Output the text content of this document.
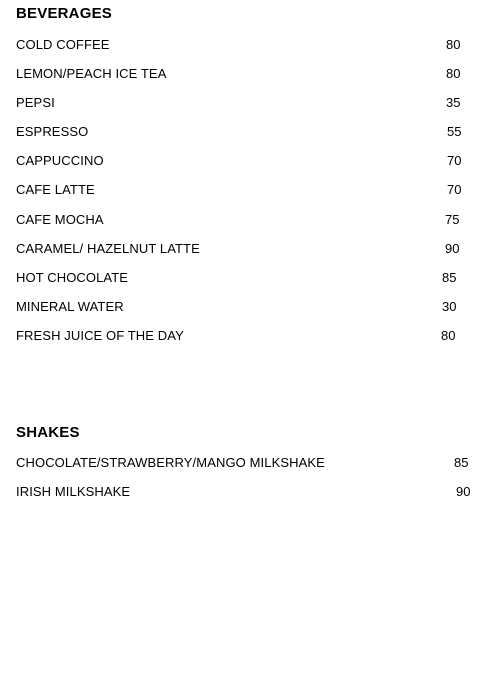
BEVERAGES
COLD COFFEE	80
LEMON/PEACH ICE TEA	80
PEPSI	35
ESPRESSO	55
CAPPUCCINO	70
CAFE LATTE	70
CAFE MOCHA	75
CARAMEL/ HAZELNUT LATTE	90
HOT CHOCOLATE	85
MINERAL WATER	30
FRESH JUICE OF THE DAY	80
SHAKES
CHOCOLATE/STRAWBERRY/MANGO MILKSHAKE	85
IRISH MILKSHAKE	90
